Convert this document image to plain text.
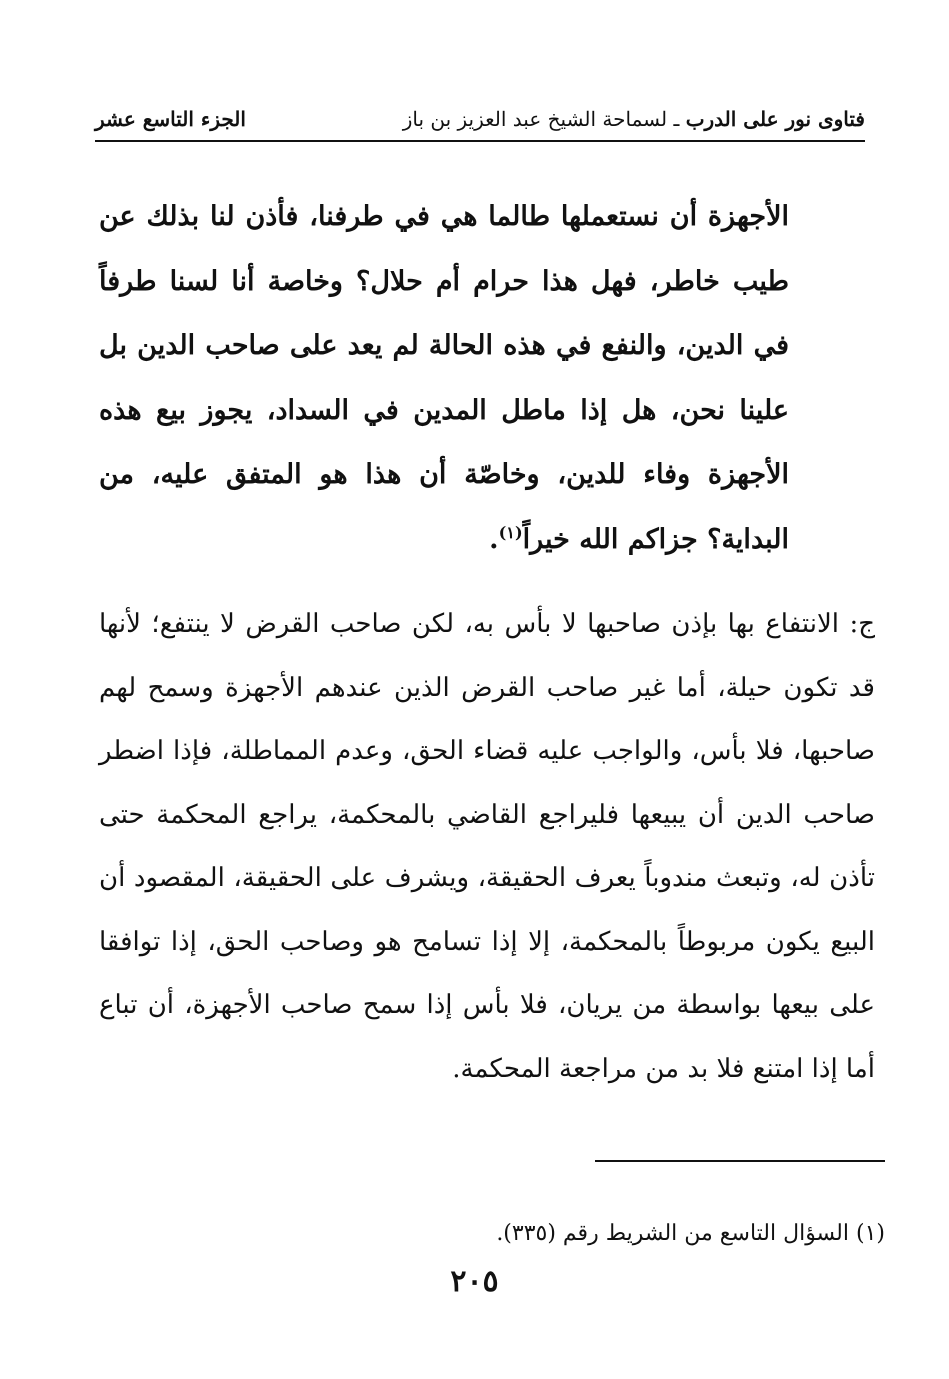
فتاوى نور على الدرب ـ لسماحة الشيخ عبد العزيز بن باز
الجزء التاسع عشر

الأجهزة أن نستعملها طالما هي في طرفنا، فأذن لنا بذلك عن طيب خاطر، فهل هذا حرام أم حلال؟ وخاصة أنا لسنا طرفاً في الدين، والنفع في هذه الحالة لم يعد على صاحب الدين بل علينا نحن، هل إذا ماطل المدين في السداد، يجوز بيع هذه الأجهزة وفاء للدين، وخاصّة أن هذا هو المتفق عليه، من البداية؟ جزاكم الله خيراً$^{(١)}$.

ج: الانتفاع بها بإذن صاحبها لا بأس به، لكن صاحب القرض لا ينتفع؛ لأنها قد تكون حيلة، أما غير صاحب القرض الذين عندهم الأجهزة وسمح لهم صاحبها، فلا بأس، والواجب عليه قضاء الحق، وعدم المماطلة، فإذا اضطر صاحب الدين أن يبيعها فليراجع القاضي بالمحكمة، يراجع المحكمة حتى تأذن له، وتبعث مندوباً يعرف الحقيقة، ويشرف على الحقيقة، المقصود أن البيع يكون مربوطاً بالمحكمة، إلا إذا تسامح هو وصاحب الحق، إذا توافقا على بيعها بواسطة من يريان، فلا بأس إذا سمح صاحب الأجهزة، أن تباع أما إذا امتنع فلا بد من مراجعة المحكمة.

(١) السؤال التاسع من الشريط رقم (٣٣٥).

٢٠٥
